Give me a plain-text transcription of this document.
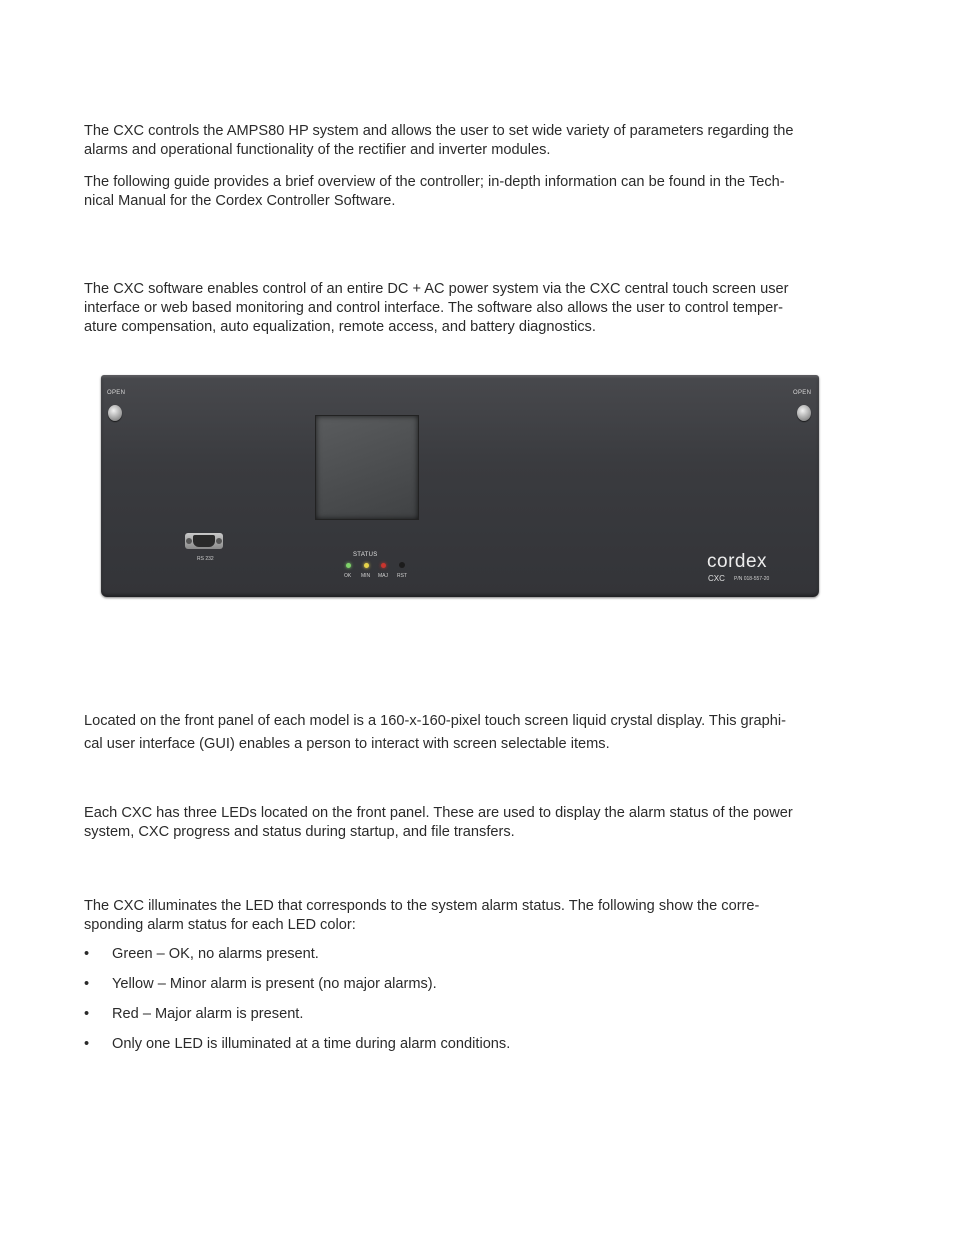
The CXC controls the AMPS80 HP system and allows the user to set wide variety of parameters regarding the
alarms and operational functionality of the rectifier and inverter modules.

The following guide provides a brief overview of the controller; in-depth information can be found in the Tech-
nical Manual for the Cordex Controller Software.

The CXC software enables control of an entire DC + AC power system via the CXC central touch screen user
interface or web based monitoring and control interface. The software also allows the user to control temper-
ature compensation, auto equalization, remote access, and battery diagnostics.

OPEN	OPEN
RS 232
STATUS
OK MIN MAJ RST
cordex
CXC P/N 018-557-20

Located on the front panel of each model is a 160-x-160-pixel touch screen liquid crystal display. This graphi-
cal user interface (GUI) enables a person to interact with screen selectable items.

Each CXC has three LEDs located on the front panel. These are used to display the alarm status of the power
system, CXC progress and status during startup, and file transfers.

The CXC illuminates the LED that corresponds to the system alarm status. The following show the corre-
sponding alarm status for each LED color:

• Green – OK, no alarms present.
• Yellow – Minor alarm is present (no major alarms).
• Red – Major alarm is present.
• Only one LED is illuminated at a time during alarm conditions.
